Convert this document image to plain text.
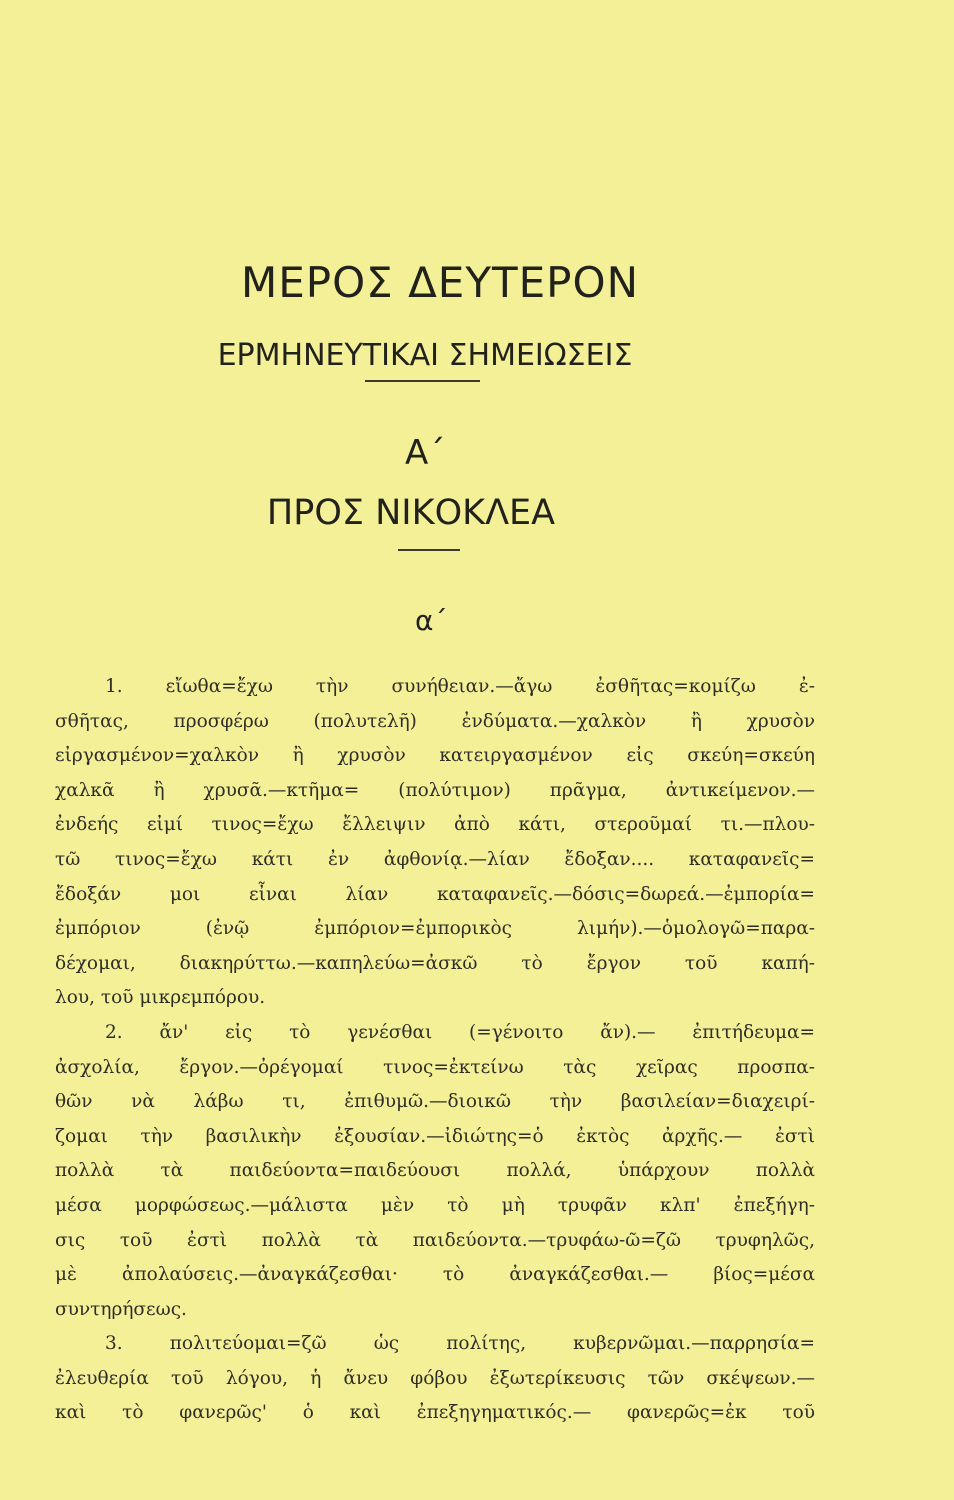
ΜΕΡΟΣ ΔΕΥΤΕΡΟΝ
ΕΡΜΗΝΕΥΤΙΚΑΙ ΣΗΜΕΙΩΣΕΙΣ
Α΄
ΠΡΟΣ ΝΙΚΟΚΛΕΑ
α΄
1. εἴωθα=ἔχω τὴν συνήθειαν.—ἄγω ἐσθῆτας=κομίζω ἐ-
σθῆτας, προσφέρω (πολυτελῆ) ἐνδύματα.—χαλκὸν ἢ χρυσὸν
εἰργασμένον=χαλκὸν ἢ χρυσὸν κατειργασμένον εἰς σκεύη=σκεύη
χαλκᾶ ἢ χρυσᾶ.—κτῆμα= (πολύτιμον) πρᾶγμα, ἀντικείμενον.—
ἐνδεής εἰμί τινος=ἔχω ἔλλειψιν ἀπὸ κάτι, στεροῦμαί τι.—πλου-
τῶ τινος=ἔχω κάτι ἐν ἀφθονίᾳ.—λίαν ἔδοξαν.... καταφανεῖς=
ἔδοξάν μοι εἶναι λίαν καταφανεῖς.—δόσις=δωρεά.—ἐμπορία=
ἐμπόριον (ἐνῷ ἐμπόριον=ἐμπορικὸς λιμήν).—ὁμολογῶ=παρα-
δέχομαι, διακηρύττω.—καπηλεύω=ἀσκῶ τὸ ἔργον τοῦ καπή-
λου, τοῦ μικρεμπόρου.
2. ἄν' εἰς τὸ γενέσθαι (=γένοιτο ἄν).— ἐπιτήδευμα=
ἀσχολία, ἔργον.—ὀρέγομαί τινος=ἐκτείνω τὰς χεῖρας προσπα-
θῶν νὰ λάβω τι, ἐπιθυμῶ.—διοικῶ τὴν βασιλείαν=διαχειρί-
ζομαι τὴν βασιλικὴν ἐξουσίαν.—ἰδιώτης=ὁ ἐκτὸς ἀρχῆς.— ἐστὶ
πολλὰ τὰ παιδεύοντα=παιδεύουσι πολλά, ὑπάρχουν πολλὰ
μέσα μορφώσεως.—μάλιστα μὲν τὸ μὴ τρυφᾶν κλπ' ἐπεξήγη-
σις τοῦ ἐστὶ πολλὰ τὰ παιδεύοντα.—τρυφάω-ῶ=ζῶ τρυφηλῶς,
μὲ ἀπολαύσεις.—ἀναγκάζεσθαι· τὸ ἀναγκάζεσθαι.— βίος=μέσα
συντηρήσεως.
3. πολιτεύομαι=ζῶ ὡς πολίτης, κυβερνῶμαι.—παρρησία=
ἐλευθερία τοῦ λόγου, ἡ ἄνευ φόβου ἐξωτερίκευσις τῶν σκέψεων.—
καὶ τὸ φανερῶς' ὁ καὶ ἐπεξηγηματικός.— φανερῶς=ἐκ τοῦ
